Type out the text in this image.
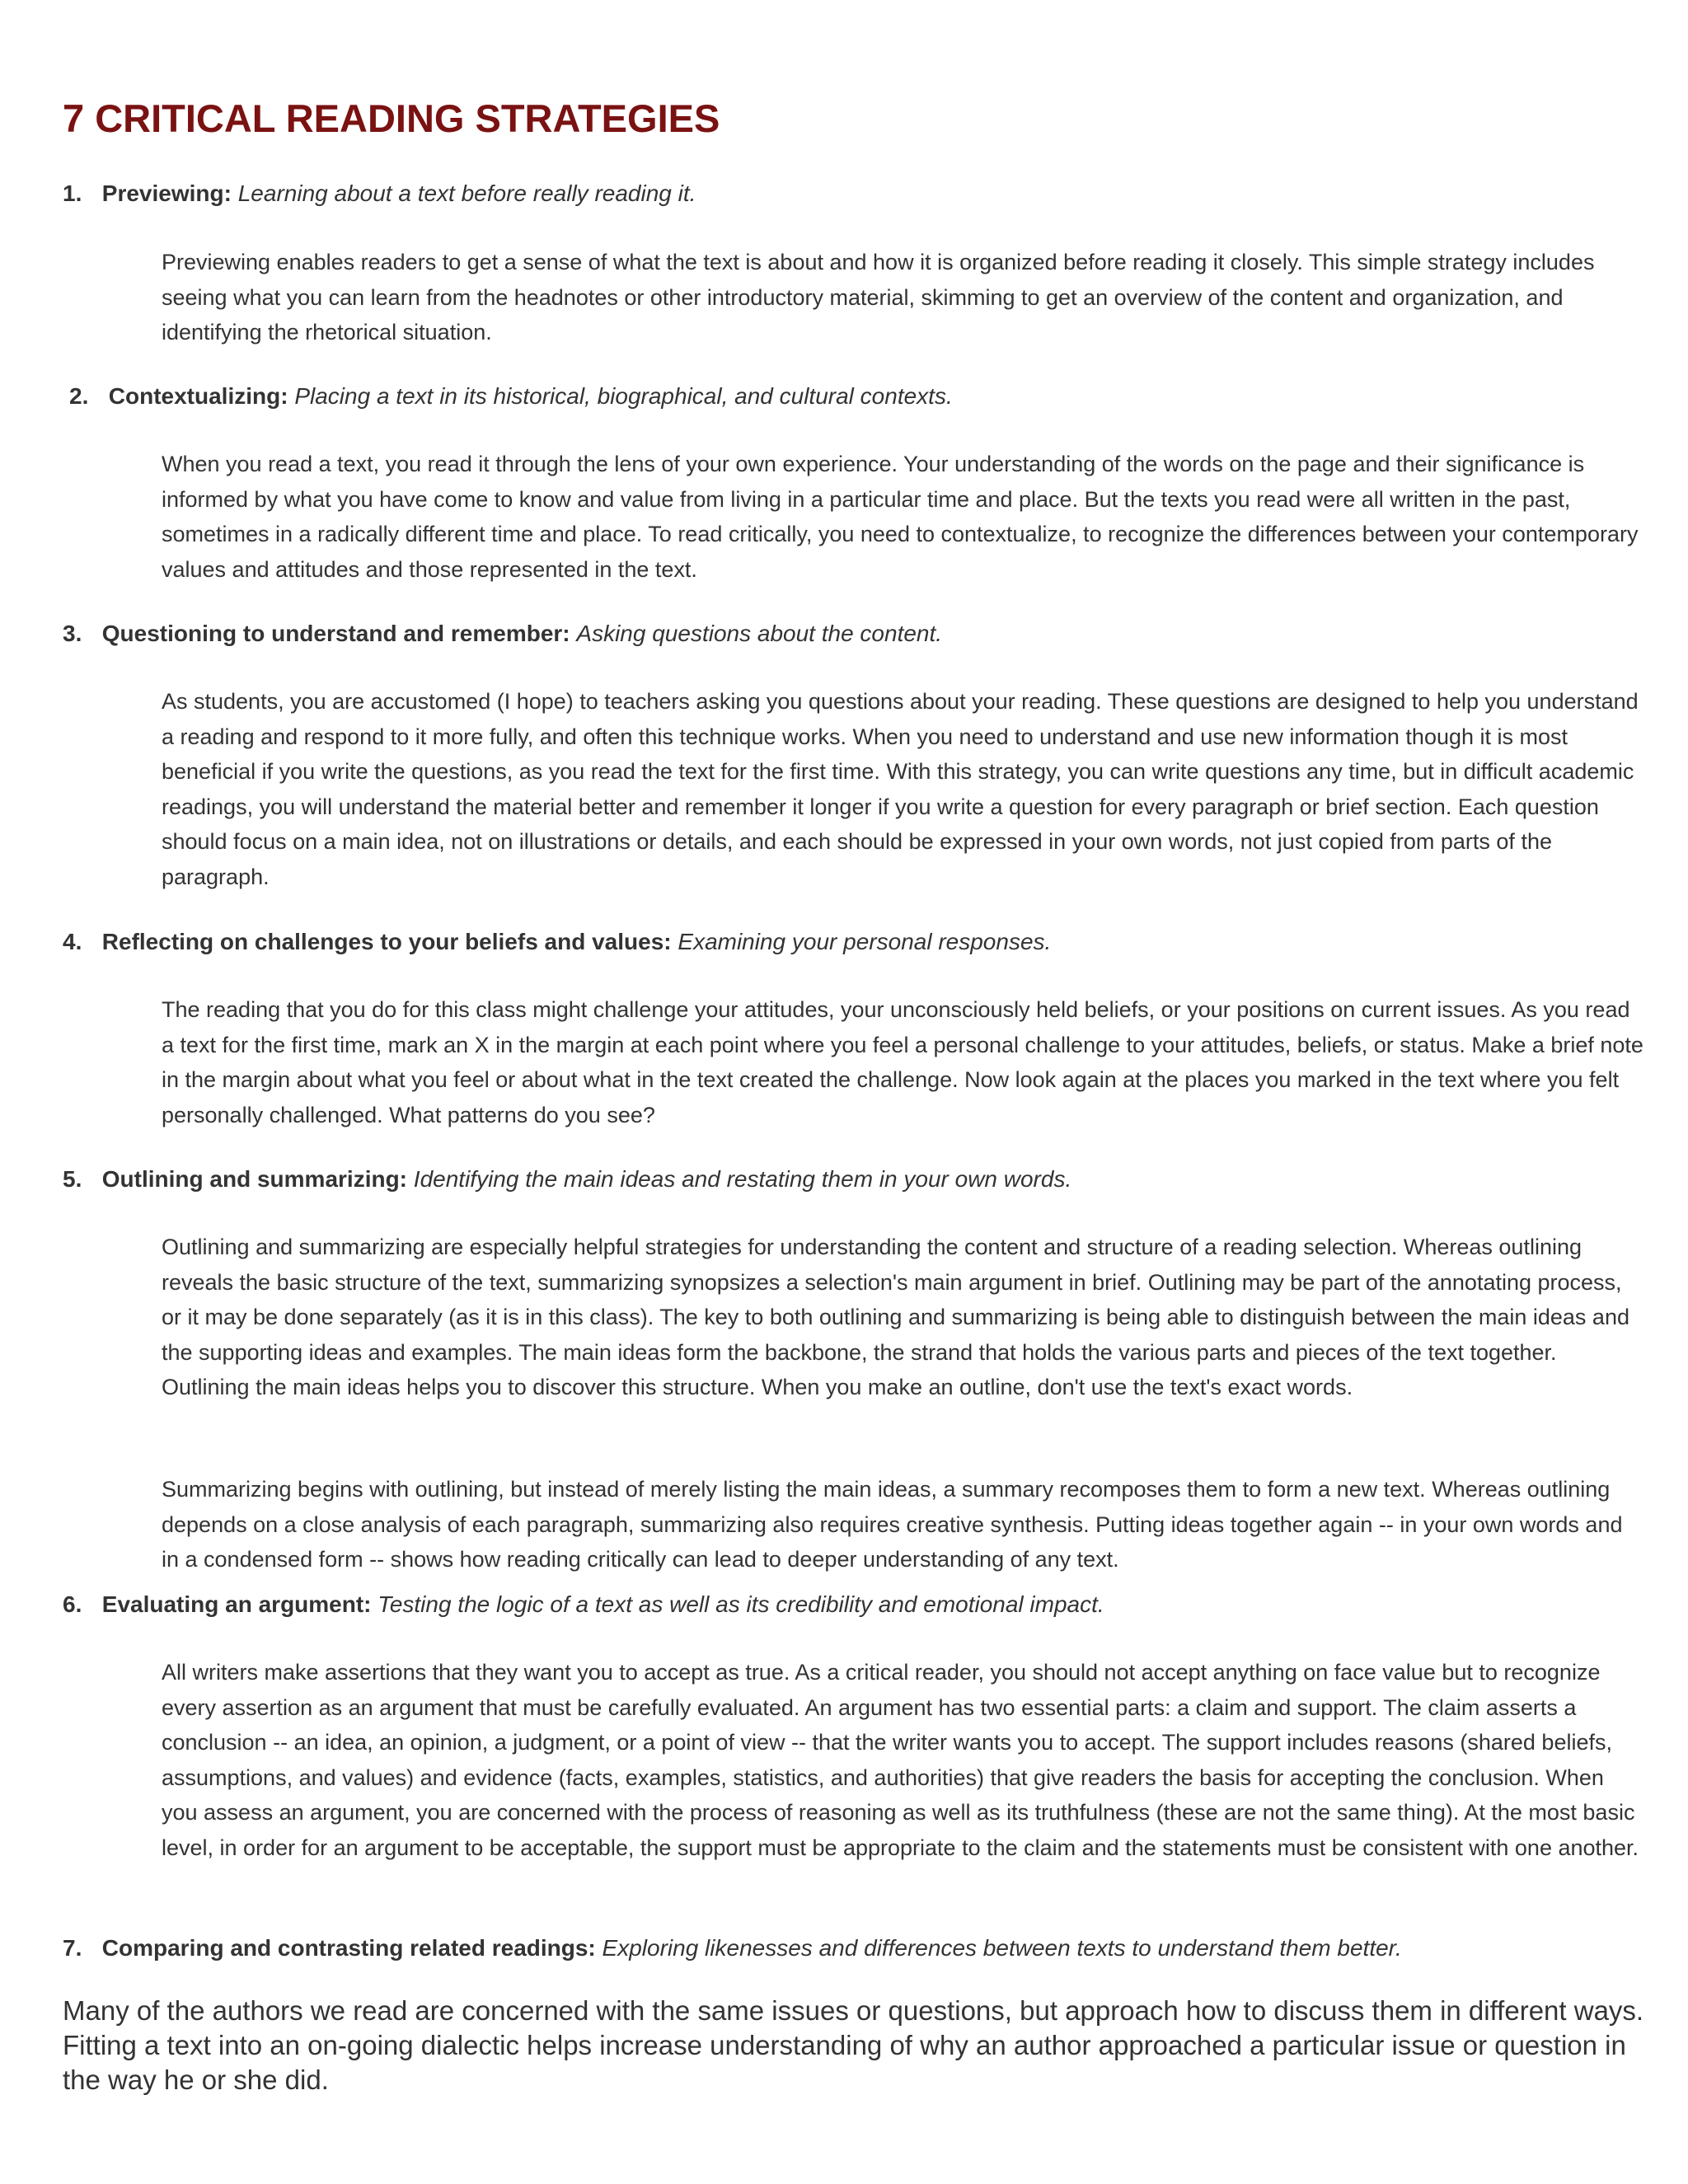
7 CRITICAL READING STRATEGIES
1. Previewing: Learning about a text before really reading it.

Previewing enables readers to get a sense of what the text is about and how it is organized before reading it closely. This simple strategy includes seeing what you can learn from the headnotes or other introductory material, skimming to get an overview of the content and organization, and identifying the rhetorical situation.

2. Contextualizing: Placing a text in its historical, biographical, and cultural contexts.

When you read a text, you read it through the lens of your own experience. Your understanding of the words on the page and their significance is informed by what you have come to know and value from living in a particular time and place. But the texts you read were all written in the past, sometimes in a radically different time and place. To read critically, you need to contextualize, to recognize the differences between your contemporary values and attitudes and those represented in the text.

3. Questioning to understand and remember: Asking questions about the content.

As students, you are accustomed (I hope) to teachers asking you questions about your reading. These questions are designed to help you understand a reading and respond to it more fully, and often this technique works. When you need to understand and use new information though it is most beneficial if you write the questions, as you read the text for the first time. With this strategy, you can write questions any time, but in difficult academic readings, you will understand the material better and remember it longer if you write a question for every paragraph or brief section. Each question should focus on a main idea, not on illustrations or details, and each should be expressed in your own words, not just copied from parts of the paragraph.

4. Reflecting on challenges to your beliefs and values: Examining your personal responses.

The reading that you do for this class might challenge your attitudes, your unconsciously held beliefs, or your positions on current issues. As you read a text for the first time, mark an X in the margin at each point where you feel a personal challenge to your attitudes, beliefs, or status. Make a brief note in the margin about what you feel or about what in the text created the challenge. Now look again at the places you marked in the text where you felt personally challenged. What patterns do you see?

5. Outlining and summarizing: Identifying the main ideas and restating them in your own words.

Outlining and summarizing are especially helpful strategies for understanding the content and structure of a reading selection. Whereas outlining reveals the basic structure of the text, summarizing synopsizes a selection's main argument in brief. Outlining may be part of the annotating process, or it may be done separately (as it is in this class). The key to both outlining and summarizing is being able to distinguish between the main ideas and the supporting ideas and examples. The main ideas form the backbone, the strand that holds the various parts and pieces of the text together. Outlining the main ideas helps you to discover this structure. When you make an outline, don't use the text's exact words.

Summarizing begins with outlining, but instead of merely listing the main ideas, a summary recomposes them to form a new text. Whereas outlining depends on a close analysis of each paragraph, summarizing also requires creative synthesis. Putting ideas together again -- in your own words and in a condensed form -- shows how reading critically can lead to deeper understanding of any text.

6. Evaluating an argument: Testing the logic of a text as well as its credibility and emotional impact.

All writers make assertions that they want you to accept as true. As a critical reader, you should not accept anything on face value but to recognize every assertion as an argument that must be carefully evaluated. An argument has two essential parts: a claim and support. The claim asserts a conclusion -- an idea, an opinion, a judgment, or a point of view -- that the writer wants you to accept. The support includes reasons (shared beliefs, assumptions, and values) and evidence (facts, examples, statistics, and authorities) that give readers the basis for accepting the conclusion. When you assess an argument, you are concerned with the process of reasoning as well as its truthfulness (these are not the same thing). At the most basic level, in order for an argument to be acceptable, the support must be appropriate to the claim and the statements must be consistent with one another.

7. Comparing and contrasting related readings: Exploring likenesses and differences between texts to understand them better.

Many of the authors we read are concerned with the same issues or questions, but approach how to discuss them in different ways. Fitting a text into an on-going dialectic helps increase understanding of why an author approached a particular issue or question in the way he or she did.
